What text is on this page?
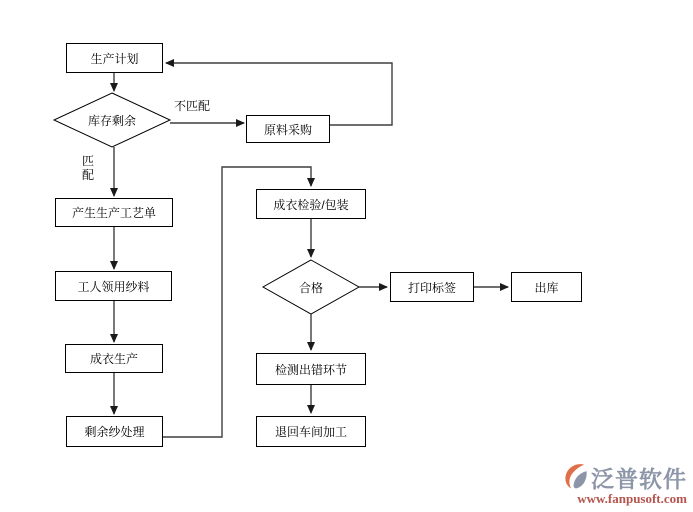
生产计划
产生生产工艺单
工人领用纱料
成衣生产
剩余纱处理
原料采购
成衣检验/包装
打印标签	出库
检测出错环节
退回车间加工
库存剩余
合格
不匹配
匹配
泛普软件
www.fanpusoft.com
